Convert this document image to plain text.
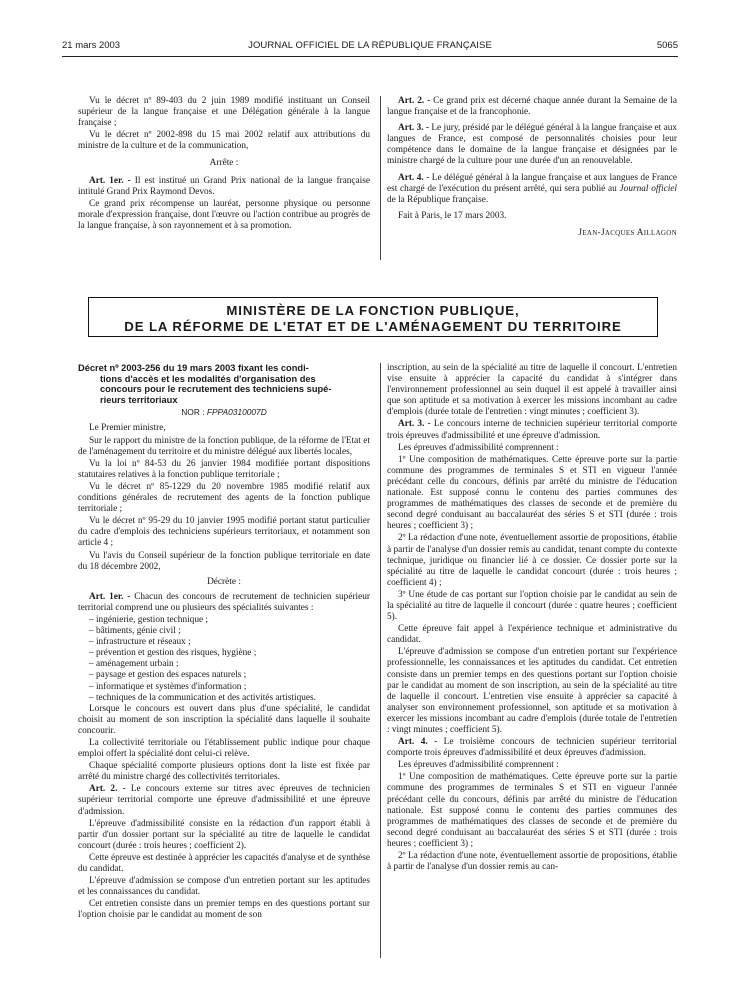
21 mars 2003	JOURNAL OFFICIEL DE LA RÉPUBLIQUE FRANÇAISE	5065

Vu le décret nº 89-403 du 2 juin 1989 modifié instituant un Conseil supérieur de la langue française et une Délégation générale à la langue française ;

Vu le décret nº 2002-898 du 15 mai 2002 relatif aux attributions du ministre de la culture et de la communication,

Arrête :

Art. 1er. - Il est institué un Grand Prix national de la langue française intitulé Grand Prix Raymond Devos.

Ce grand prix récompense un lauréat, personne physique ou personne morale d'expression française, dont l'œuvre ou l'action contribue au progrès de la langue française, à son rayonnement et à sa promotion.

Art. 2. - Ce grand prix est décerné chaque année durant la Semaine de la langue française et de la francophonie.

Art. 3. - Le jury, présidé par le délégué général à la langue française et aux langues de France, est composé de personnalités choisies pour leur compétence dans le domaine de la langue française et désignées par le ministre chargé de la culture pour une durée d'un an renouvelable.

Art. 4. - Le délégué général à la langue française et aux langues de France est chargé de l'exécution du présent arrêté, qui sera publié au Journal officiel de la République française.

Fait à Paris, le 17 mars 2003.

Jean-Jacques Aillagon

MINISTÈRE DE LA FONCTION PUBLIQUE,
DE LA RÉFORME DE L'ETAT ET DE L'AMÉNAGEMENT DU TERRITOIRE
Décret nº 2003-256 du 19 mars 2003 fixant les condi-
tions d'accès et les modalités d'organisation des
concours pour le recrutement des techniciens supé-
rieurs territoriaux
NOR : FPPA0310007D

Le Premier ministre,

Sur le rapport du ministre de la fonction publique, de la réforme de l'Etat et de l'aménagement du territoire et du ministre délégué aux libertés locales,

Vu la loi nº 84-53 du 26 janvier 1984 modifiée portant dispositions statutaires relatives à la fonction publique territoriale ;

Vu le décret nº 85-1229 du 20 novembre 1985 modifié relatif aux conditions générales de recrutement des agents de la fonction publique territoriale ;

Vu le décret nº 95-29 du 10 janvier 1995 modifié portant statut particulier du cadre d'emplois des techniciens supérieurs territoriaux, et notamment son article 4 ;

Vu l'avis du Conseil supérieur de la fonction publique territoriale en date du 18 décembre 2002,

Décrète :

Art. 1er. - Chacun des concours de recrutement de technicien supérieur territorial comprend une ou plusieurs des spécialités suivantes :

– ingénierie, gestion technique ;
– bâtiments, génie civil ;
– infrastructure et réseaux ;
– prévention et gestion des risques, hygiène ;
– aménagement urbain ;
– paysage et gestion des espaces naturels ;
– informatique et systèmes d'information ;
– techniques de la communication et des activités artistiques.

Lorsque le concours est ouvert dans plus d'une spécialité, le candidat choisit au moment de son inscription la spécialité dans laquelle il souhaite concourir.

La collectivité territoriale ou l'établissement public indique pour chaque emploi offert la spécialité dont celui-ci relève.

Chaque spécialité comporte plusieurs options dont la liste est fixée par arrêté du ministre chargé des collectivités territoriales.

Art. 2. - Le concours externe sur titres avec épreuves de technicien supérieur territorial comporte une épreuve d'admissibilité et une épreuve d'admission.

L'épreuve d'admissibilité consiste en la rédaction d'un rapport établi à partir d'un dossier portant sur la spécialité au titre de laquelle le candidat concourt (durée : trois heures ; coefficient 2).

Cette épreuve est destinée à apprécier les capacités d'analyse et de synthèse du candidat.

L'épreuve d'admission se compose d'un entretien portant sur les aptitudes et les connaissances du candidat.

Cet entretien consiste dans un premier temps en des questions portant sur l'option choisie par le candidat au moment de son

inscription, au sein de la spécialité au titre de laquelle il concourt. L'entretien vise ensuite à apprécier la capacité du candidat à s'intégrer dans l'environnement professionnel au sein duquel il est appelé à travailler ainsi que son aptitude et sa motivation à exercer les missions incombant au cadre d'emplois (durée totale de l'entretien : vingt minutes ; coefficient 3).

Art. 3. - Le concours interne de technicien supérieur territorial comporte trois épreuves d'admissibilité et une épreuve d'admission.

Les épreuves d'admissibilité comprennent :

1º Une composition de mathématiques. Cette épreuve porte sur la partie commune des programmes de terminales S et STI en vigueur l'année précédant celle du concours, définis par arrêté du ministre de l'éducation nationale. Est supposé connu le contenu des parties communes des programmes de mathématiques des classes de seconde et de première du second degré conduisant au baccalauréat des séries S et STI (durée : trois heures ; coefficient 3) ;

2º La rédaction d'une note, éventuellement assortie de propositions, établie à partir de l'analyse d'un dossier remis au candidat, tenant compte du contexte technique, juridique ou financier lié à ce dossier. Ce dossier porte sur la spécialité au titre de laquelle le candidat concourt (durée : trois heures ; coefficient 4) ;

3º Une étude de cas portant sur l'option choisie par le candidat au sein de la spécialité au titre de laquelle il concourt (durée : quatre heures ; coefficient 5).

Cette épreuve fait appel à l'expérience technique et administrative du candidat.

L'épreuve d'admission se compose d'un entretien portant sur l'expérience professionnelle, les connaissances et les aptitudes du candidat. Cet entretien consiste dans un premier temps en des questions portant sur l'option choisie par le candidat au moment de son inscription, au sein de la spécialité au titre de laquelle il concourt. L'entretien vise ensuite à apprécier sa capacité à analyser son environnement professionnel, son aptitude et sa motivation à exercer les missions incombant au cadre d'emplois (durée totale de l'entretien : vingt minutes ; coefficient 5).

Art. 4. - Le troisième concours de technicien supérieur territorial comporte trois épreuves d'admissibilité et deux épreuves d'admission.

Les épreuves d'admissibilité comprennent :

1º Une composition de mathématiques. Cette épreuve porte sur la partie commune des programmes de terminales S et STI en vigueur l'année précédant celle du concours, définis par arrêté du ministre de l'éducation nationale. Est supposé connu le contenu des parties communes des programmes de mathématiques des classes de seconde et de première du second degré conduisant au baccalauréat des séries S et STI (durée : trois heures ; coefficient 3) ;

2º La rédaction d'une note, éventuellement assortie de propositions, établie à partir de l'analyse d'un dossier remis au can-
